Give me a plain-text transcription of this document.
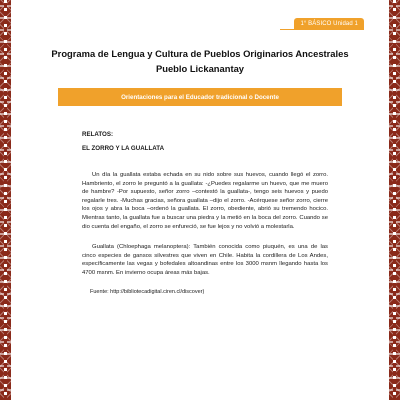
1° BÁSICO Unidad 1
Programa de Lengua y Cultura de Pueblos Originarios Ancestrales
Pueblo Lickanantay
Orientaciones para el Educador tradicional o Docente
RELATOS:
EL ZORRO Y LA GUALLATA

Un día la guallata estaba echada en su nido sobre sus huevos, cuando llegó el zorro. Hambriento, el zorro le preguntó a la guallata: -¿Puedes regalarme un huevo, que me muero de hambre? -Por supuesto, señor zorro –contestó la guallata-, tengo seis huevos y puedo regalarle tres. -Muchas gracias, señora guallata –dijo el zorro. -Acérquese señor zorro, cierre los ojos y abra la boca –ordenó la guallata. El zorro, obediente, abrió su tremendo hocico. Mientras tanto, la guallata fue a buscar una piedra y la metió en la boca del zorro. Cuando se dio cuenta del engaño, el zorro se enfureció, se fue lejos y no volvió a molestarla.

Guallata (Chloephaga melanoptera): También conocida como piuquén, es una de las cinco especies de gansos silvestres que viven en Chile. Habita la cordillera de Los Andes, específicamente las vegas y bofedales altoandinas entre los 3000 msnm llegando hasta los 4700 msnm. En invierno ocupa áreas más bajas.

Fuente: http://bibliotecadigital.ciren.cl/discover)
